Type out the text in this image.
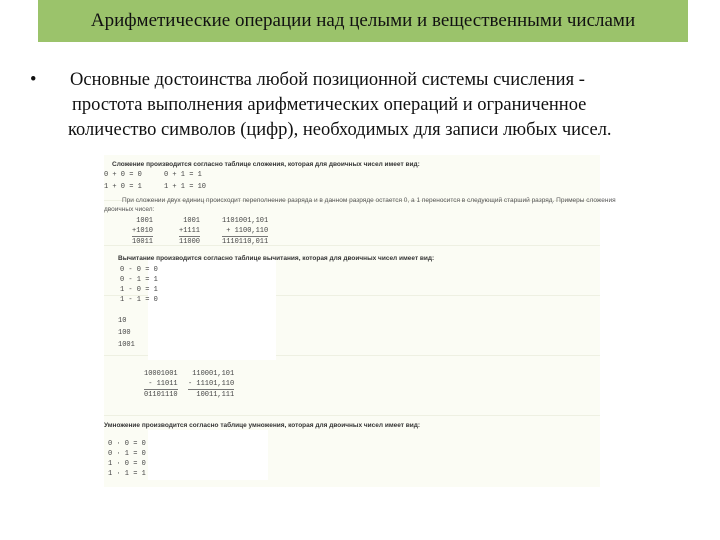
Арифметические операции над целыми и вещественными числами
• Основные достоинства любой позиционной системы счисления -
простота выполнения арифметических операций и ограниченное
количество символов (цифр), необходимых для записи любых чисел.
Сложение производится согласно таблице сложения, которая для двоичных чисел имеет вид:
0 + 0 = 0	0 + 1 = 1
1 + 0 = 1	1 + 1 = 10
При сложении двух единиц происходит переполнение разряда и в данном разряде остается 0, а 1 переносится в следующий старший разряд. Примеры сложения
двоичных чисел:
1001
+1010
10011
1001
+1111
11000
1101001,101
+ 1100,110
1110110,011
Вычитание производится согласно таблице вычитания, которая для двоичных чисел имеет вид:
0 - 0 = 0
0 - 1 = 1
1 - 0 = 1
1 - 1 = 0
10
100
1001
10001001
- 11011
01101110
110001,101
- 11101,110
10011,111
Умножение производится согласно таблице умножения, которая для двоичных чисел имеет вид:
0 · 0 = 0
0 · 1 = 0
1 · 0 = 0
1 · 1 = 1
